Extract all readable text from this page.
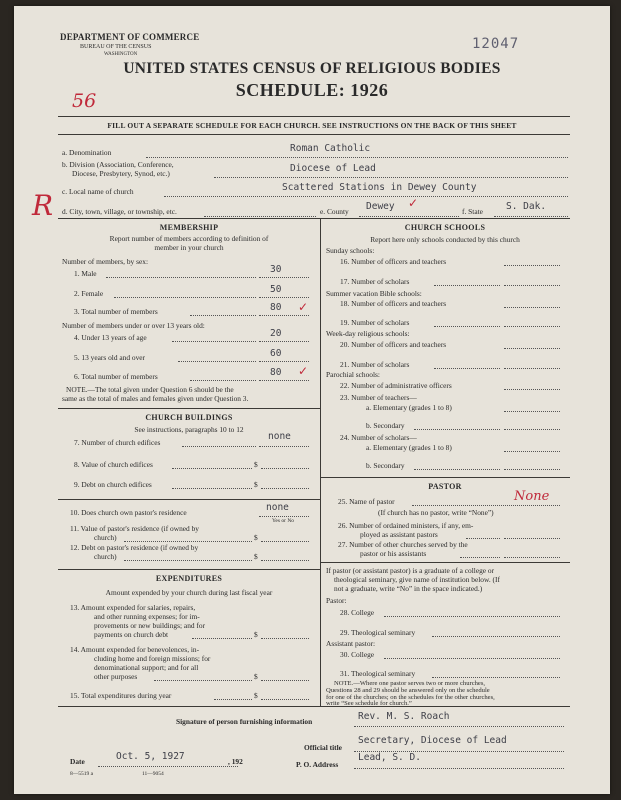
DEPARTMENT OF COMMERCE
BUREAU OF THE CENSUS
WASHINGTON
12047
UNITED STATES CENSUS OF RELIGIOUS BODIES
SCHEDULE: 1926
56
FILL OUT A SEPARATE SCHEDULE FOR EACH CHURCH. SEE INSTRUCTIONS ON THE BACK OF THIS SHEET
R
a. Denomination	Roman Catholic
b. Division (Association, Conference,
Diocese, Presbytery, Synod, etc.)	Diocese of Lead
c. Local name of church	Scattered Stations in Dewey County
d. City, town, village, or township, etc.	e. County Dewey ✓
f. State S. Dak.
MEMBERSHIP
Report number of members according to definition of
member in your church
Number of members, by sex:
1. Male	30
2. Female	50
3. Total number of members	80 ✓
Number of members under or over 13 years old:
4. Under 13 years of age	20
5. 13 years old and over	60
6. Total number of members	80 ✓
NOTE.—The total given under Question 6 should be the
same as the total of males and females given under Question 3.
CHURCH BUILDINGS
See instructions, paragraphs 10 to 12
7. Number of church edifices
none
8. Value of church edifices	$
9. Debt on church edifices	$
10. Does church own pastor's residence	none
Yes or No
11. Value of pastor's residence (if owned by
church)	$
12. Debt on pastor's residence (if owned by
church)	$
EXPENDITURES
Amount expended by your church during last fiscal year
13. Amount expended for salaries, repairs,
and other running expenses; for im-
provements or new buildings; and for
payments on church debt	$
14. Amount expended for benevolences, in-
cluding home and foreign missions; for
denominational support; and for all
other purposes	$
15. Total expenditures during year	$
CHURCH SCHOOLS
Report here only schools conducted by this church
Sunday schools:
16. Number of officers and teachers
17. Number of scholars
Summer vacation Bible schools:
18. Number of officers and teachers
19. Number of scholars
Week-day religious schools:
20. Number of officers and teachers
21. Number of scholars
Parochial schools:
22. Number of administrative officers
23. Number of teachers—
a. Elementary (grades 1 to 8)
b. Secondary
24. Number of scholars—
a. Elementary (grades 1 to 8)
b. Secondary
PASTOR
25. Name of pastor	None
(If church has no pastor, write “None”)
26. Number of ordained ministers, if any, em-
ployed as assistant pastors
27. Number of other churches served by the
pastor or his assistants
If pastor (or assistant pastor) is a graduate of a college or
theological seminary, give name of institution below. (If
not a graduate, write “No” in the space indicated.)
Pastor:
28. College
29. Theological seminary
Assistant pastor:
30. College
31. Theological seminary
NOTE.—Where one pastor serves two or more churches,
Questions 28 and 29 should be answered only on the schedule
for one of the churches; on the schedules for the other churches,
write “See schedule for church.”
Signature of person furnishing information	Rev. M. S. Roach
Official title
Secretary, Diocese of Lead
Date	Oct. 5, 1927	, 192	P. O. Address
Lead, S. D.
8—5519 a	11—9054
